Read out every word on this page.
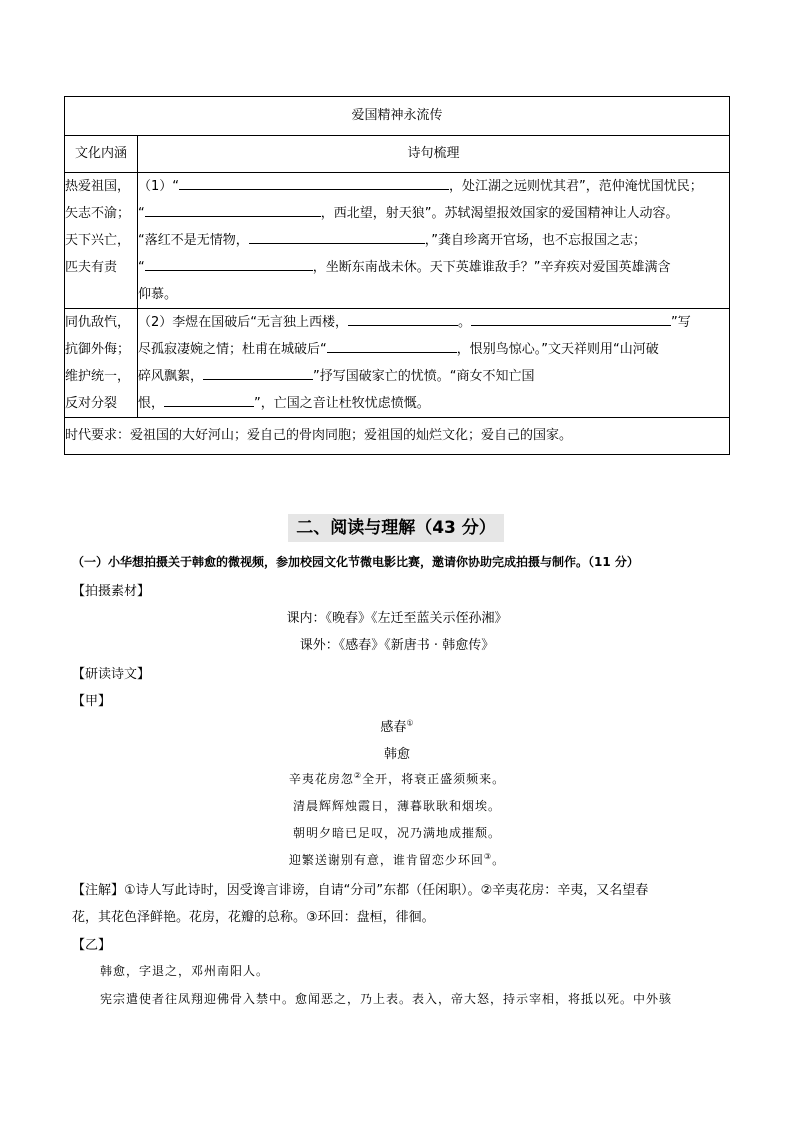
爱国精神永流传	
文化内涵	诗句梳理
热爱祖国，矢志不渝；天下兴亡，匹夫有责	（1）“ ，处江湖之远则忧其君”，范仲淹忧国忧民；
“ ，西北望，射天狼”。苏轼渴望报效国家的爱国精神让人动容。
“落红不是无情物， ，”龚自珍离开官场，也不忘报国之志；
“ ，坐断东南战未休。天下英雄谁敌手？”辛弃疾对爱国英雄满含
仰慕。

同仇敌忾，抗御外侮；维护统一，反对分裂	（2）李煜在国破后“无言独上西楼， 。 ”写
尽孤寂凄婉之情；杜甫在城破后“ ，恨别鸟惊心。”文天祥则用“山河破
碎风飘絮， ”抒写国破家亡的忧愤。“商女不知亡国
恨， ”，亡国之音让杜牧忧虑愤慨。

时代要求：爱祖国的大好河山；爱自己的骨肉同胞；爱祖国的灿烂文化；爱自己的国家。	
二、阅读与理解（43 分）
（一）小华想拍摄关于韩愈的微视频，参加校园文化节微电影比赛，邀请你协助完成拍摄与制作。（11 分）
【拍摄素材】
课内：《晚春》《左迁至蓝关示侄孙湘》
课外：《感春》《新唐书 · 韩愈传》
【研读诗文】
【甲】
感春①
韩愈
辛夷花房忽②全开，将衰正盛须频来。
清晨辉辉烛霞日，薄暮耿耿和烟埃。
朝明夕暗已足叹，况乃满地成摧颓。
迎繁送谢别有意，谁肯留恋少环回③。
【注解】①诗人写此诗时，因受谗言诽谤，自请“分司”东都（任闲职）。②辛夷花房：辛夷，又名望春
花，其花色泽鲜艳。花房，花瓣的总称。③环回：盘桓，徘徊。
【乙】
韩愈，字退之，邓州南阳人。
宪宗遣使者往凤翔迎佛骨入禁中。愈闻恶之，乃上表。表入，帝大怒，持示宰相，将抵以死。中外骇
